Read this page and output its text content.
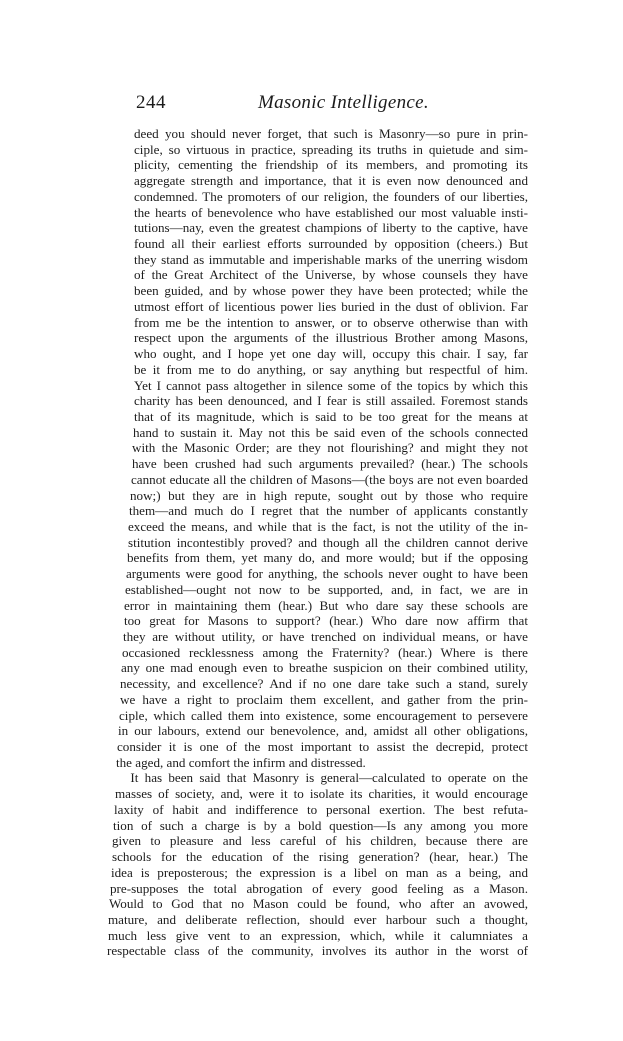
244	Masonic Intelligence.
deed you should never forget, that such is Masonry—so pure in prin-
ciple, so virtuous in practice, spreading its truths in quietude and sim-
plicity, cementing the friendship of its members, and promoting its
aggregate strength and importance, that it is even now denounced and
condemned. The promoters of our religion, the founders of our liberties,
the hearts of benevolence who have established our most valuable insti-
tutions—nay, even the greatest champions of liberty to the captive, have
found all their earliest efforts surrounded by opposition (cheers.) But
they stand as immutable and imperishable marks of the unerring wisdom
of the Great Architect of the Universe, by whose counsels they have
been guided, and by whose power they have been protected; while the
utmost effort of licentious power lies buried in the dust of oblivion. Far
from me be the intention to answer, or to observe otherwise than with
respect upon the arguments of the illustrious Brother among Masons,
who ought, and I hope yet one day will, occupy this chair. I say, far
be it from me to do anything, or say anything but respectful of him.
Yet I cannot pass altogether in silence some of the topics by which this
charity has been denounced, and I fear is still assailed. Foremost stands
that of its magnitude, which is said to be too great for the means at
hand to sustain it. May not this be said even of the schools connected
with the Masonic Order; are they not flourishing? and might they not
have been crushed had such arguments prevailed? (hear.) The schools
cannot educate all the children of Masons—(the boys are not even boarded
now;) but they are in high repute, sought out by those who require
them—and much do I regret that the number of applicants constantly
exceed the means, and while that is the fact, is not the utility of the in-
stitution incontestibly proved? and though all the children cannot derive
benefits from them, yet many do, and more would; but if the opposing
arguments were good for anything, the schools never ought to have been
established—ought not now to be supported, and, in fact, we are in
error in maintaining them (hear.) But who dare say these schools are
too great for Masons to support? (hear.) Who dare now affirm that
they are without utility, or have trenched on individual means, or have
occasioned recklessness among the Fraternity? (hear.) Where is there
any one mad enough even to breathe suspicion on their combined utility,
necessity, and excellence? And if no one dare take such a stand, surely
we have a right to proclaim them excellent, and gather from the prin-
ciple, which called them into existence, some encouragement to persevere
in our labours, extend our benevolence, and, amidst all other obligations,
consider it is one of the most important to assist the decrepid, protect
the aged, and comfort the infirm and distressed.
It has been said that Masonry is general—calculated to operate on the
masses of society, and, were it to isolate its charities, it would encourage
laxity of habit and indifference to personal exertion. The best refuta-
tion of such a charge is by a bold question—Is any among you more
given to pleasure and less careful of his children, because there are
schools for the education of the rising generation? (hear, hear.) The
idea is preposterous; the expression is a libel on man as a being, and
pre-supposes the total abrogation of every good feeling as a Mason.
Would to God that no Mason could be found, who after an avowed,
mature, and deliberate reflection, should ever harbour such a thought,
much less give vent to an expression, which, while it calumniates a
respectable class of the community, involves its author in the worst of
